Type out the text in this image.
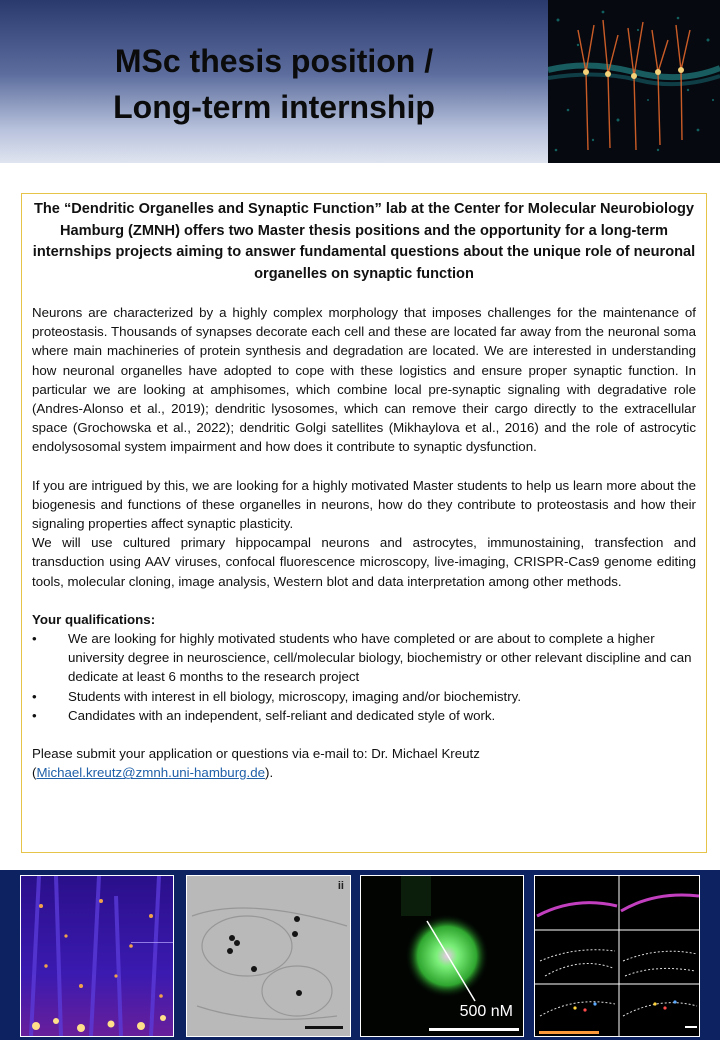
MSc thesis position /
Long-term internship

The “Dendritic Organelles and Synaptic Function” lab at the Center for Molecular Neurobiology Hamburg (ZMNH) offers two Master thesis positions and the opportunity for a long-term internships projects aiming to answer fundamental questions about the unique role of neuronal organelles on synaptic function

Neurons are characterized by a highly complex morphology that imposes challenges for the maintenance of proteostasis. Thousands of synapses decorate each cell and these are located far away from the neuronal soma where main machineries of protein synthesis and degradation are located. We are interested in understanding how neuronal organelles have adopted to cope with these logistics and ensure proper synaptic function. In particular we are looking at amphisomes, which combine local pre-synaptic signaling with degradative role (Andres-Alonso et al., 2019); dendritic lysosomes, which can remove their cargo directly to the extracellular space (Grochowska et al., 2022); dendritic Golgi satellites (Mikhaylova et al., 2016) and the role of astrocytic endolysosomal system impairment and how does it contribute to synaptic dysfunction.

If you are intrigued by this, we are looking for a highly motivated Master students to help us learn more about the biogenesis and functions of these organelles in neurons, how do they contribute to proteostasis and how their signaling properties affect synaptic plasticity.

We will use cultured primary hippocampal neurons and astrocytes, immunostaining, transfection and transduction using AAV viruses, confocal fluorescence microscopy, live-imaging, CRISPR-Cas9 genome editing tools, molecular cloning, image analysis, Western blot and data interpretation among other methods.

Your qualifications:

• We are looking for highly motivated students who have completed or are about to complete a higher university degree in neuroscience, cell/molecular biology, biochemistry or other relevant discipline and can dedicate at least 6 months to the research project
• Students with interest in ell biology, microscopy, imaging and/or biochemistry.
• Candidates with an independent, self-reliant and dedicated style of work.

Please submit your application or questions via e-mail to: Dr. Michael Kreutz
(Michael.kreutz@zmnh.uni-hamburg.de).

ii
500 nM
